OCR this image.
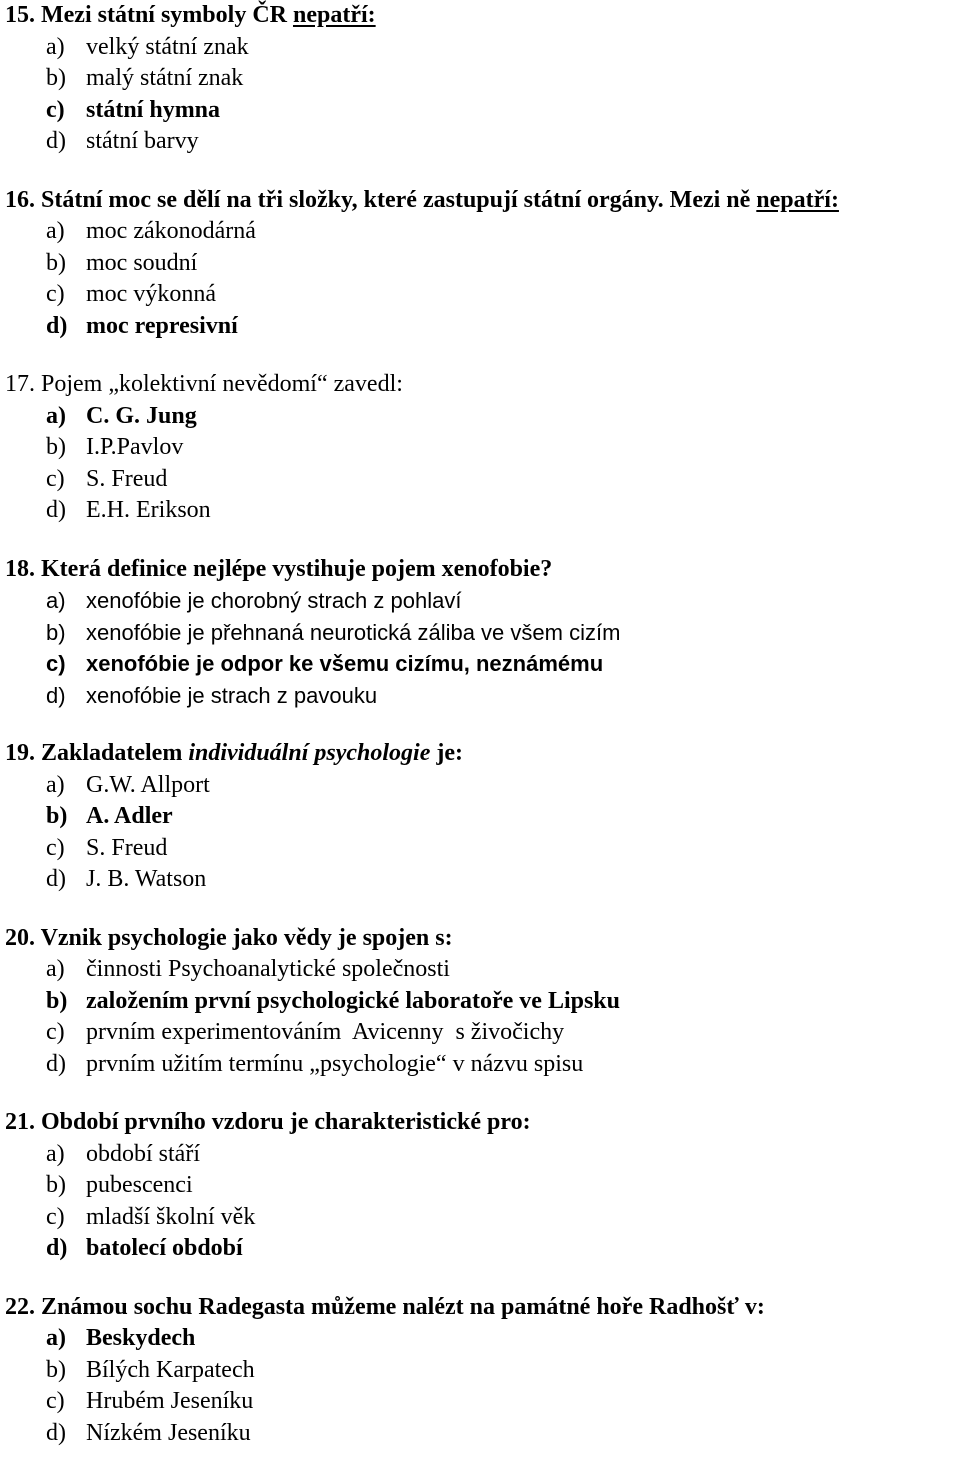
15. Mezi státní symboly ČR nepatří:
a) velký státní znak
b) malý státní znak
c) státní hymna
d) státní barvy
16. Státní moc se dělí na tři složky, které zastupují státní orgány. Mezi ně nepatří:
a) moc zákonodárná
b) moc soudní
c) moc výkonná
d) moc represivní
17. Pojem „kolektivní nevědomí“ zavedl:
a) C. G. Jung
b) I.P.Pavlov
c) S. Freud
d) E.H. Erikson
18. Která definice nejlépe vystihuje pojem xenofobie?
a) xenofóbie je chorobný strach z pohlaví
b) xenofóbie je přehnaná neurotická záliba ve všem cizím
c) xenofóbie je odpor ke všemu cizímu, neznámému
d) xenofóbie je strach z pavouku
19. Zakladatelem individuální psychologie je:
a) G.W. Allport
b) A. Adler
c) S. Freud
d) J. B. Watson
20. Vznik psychologie jako vědy je spojen s:
a) činnosti Psychoanalytické společnosti
b) založením první psychologické laboratoře ve Lipsku
c) prvním experimentováním  Avicenny  s živočichy
d) prvním užitím termínu „psychologie“ v názvu spisu
21. Období prvního vzdoru je charakteristické pro:
a) období stáří
b) pubescenci
c) mladší školní věk
d) batolecí období
22. Známou sochu Radegasta můžeme nalézt na památné hoře Radhošť v:
a) Beskydech
b) Bílých Karpatech
c) Hrubém Jeseníku
d) Nízkém Jeseníku
